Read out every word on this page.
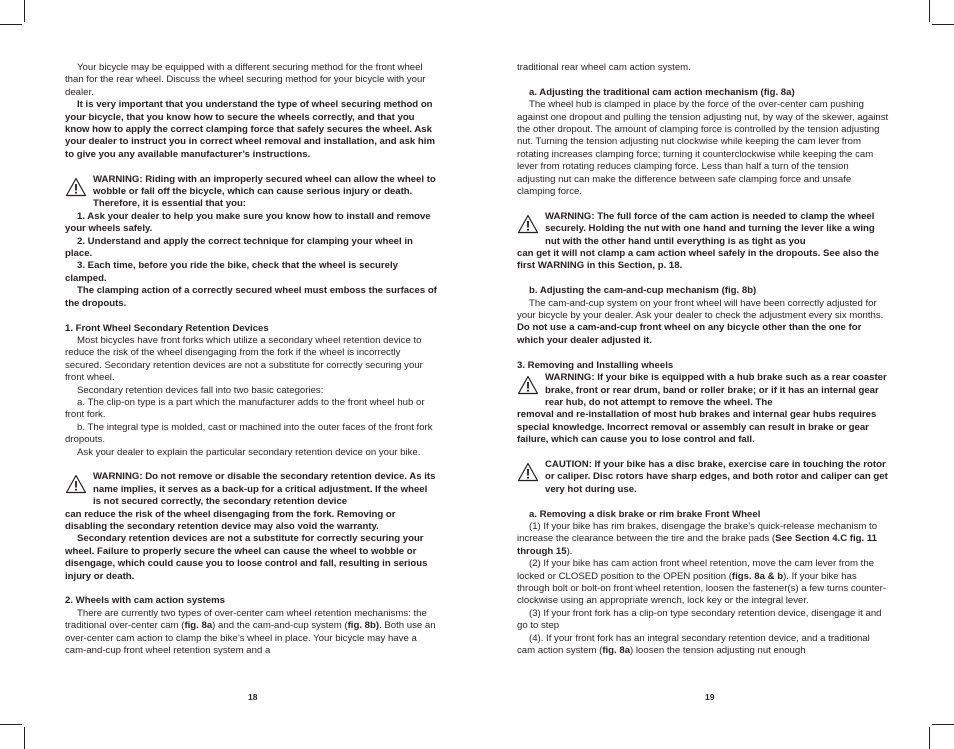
Your bicycle may be equipped with a different securing method for the front wheel than for the rear wheel. Discuss the wheel securing method for your bicycle with your dealer.

It is very important that you understand the type of wheel securing method on your bicycle, that you know how to secure the wheels correctly, and that you know how to apply the correct clamping force that safely secures the wheel. Ask your dealer to instruct you in correct wheel removal and installation, and ask him to give you any available manufacturer’s instructions.

WARNING: Riding with an improperly secured wheel can allow the wheel to wobble or fall off the bicycle, which can cause serious injury or death. Therefore, it is essential that you:

1. Ask your dealer to help you make sure you know how to install and remove your wheels safely.

2. Understand and apply the correct technique for clamping your wheel in place.

3. Each time, before you ride the bike, check that the wheel is securely clamped.

The clamping action of a correctly secured wheel must emboss the surfaces of the dropouts.

1. Front Wheel Secondary Retention Devices

Most bicycles have front forks which utilize a secondary wheel retention device to reduce the risk of the wheel disengaging from the fork if the wheel is incorrectly secured. Secondary retention devices are not a substitute for correctly securing your front wheel.

Secondary retention devices fall into two basic categories:

a. The clip-on type is a part which the manufacturer adds to the front wheel hub or front fork.

b. The integral type is molded, cast or machined into the outer faces of the front fork dropouts.

Ask your dealer to explain the particular secondary retention device on your bike.

WARNING: Do not remove or disable the secondary retention device. As its name implies, it serves as a back-up for a critical adjustment. If the wheel is not secured correctly, the secondary retention device

can reduce the risk of the wheel disengaging from the fork. Removing or disabling the secondary retention device may also void the warranty.

Secondary retention devices are not a substitute for correctly securing your wheel. Failure to properly secure the wheel can cause the wheel to wobble or disengage, which could cause you to loose control and fall, resulting in serious injury or death.

2. Wheels with cam action systems

There are currently two types of over-center cam wheel retention mechanisms: the traditional over-center cam (fig. 8a) and the cam-and-cup system (fig. 8b). Both use an over-center cam action to clamp the bike’s wheel in place. Your bicycle may have a cam-and-cup front wheel retention system and a

traditional rear wheel cam action system.

a. Adjusting the traditional cam action mechanism (fig. 8a)

The wheel hub is clamped in place by the force of the over-center cam pushing against one dropout and pulling the tension adjusting nut, by way of the skewer, against the other dropout. The amount of clamping force is controlled by the tension adjusting nut. Turning the tension adjusting nut clockwise while keeping the cam lever from rotating increases clamping force; turning it counterclockwise while keeping the cam lever from rotating reduces clamping force. Less than half a turn of the tension adjusting nut can make the difference between safe clamping force and unsafe clamping force.

WARNING: The full force of the cam action is needed to clamp the wheel securely. Holding the nut with one hand and turning the lever like a wing nut with the other hand until everything is as tight as you

can get it will not clamp a cam action wheel safely in the dropouts. See also the first WARNING in this Section, p. 18.

b. Adjusting the cam-and-cup mechanism (fig. 8b)

The cam-and-cup system on your front wheel will have been correctly adjusted for your bicycle by your dealer. Ask your dealer to check the adjustment every six months. Do not use a cam-and-cup front wheel on any bicycle other than the one for which your dealer adjusted it.

3. Removing and Installing wheels

WARNING: If your bike is equipped with a hub brake such as a rear coaster brake, front or rear drum, band or roller brake; or if it has an internal gear rear hub, do not attempt to remove the wheel. The

removal and re-installation of most hub brakes and internal gear hubs requires special knowledge. Incorrect removal or assembly can result in brake or gear failure, which can cause you to lose control and fall.

CAUTION: If your bike has a disc brake, exercise care in touching the rotor or caliper. Disc rotors have sharp edges, and both rotor and caliper can get very hot during use.

a. Removing a disk brake or rim brake Front Wheel

(1) If your bike has rim brakes, disengage the brake’s quick-release mechanism to increase the clearance between the tire and the brake pads (See Section 4.C fig. 11 through 15).

(2) If your bike has cam action front wheel retention, move the cam lever from the locked or CLOSED position to the OPEN position (figs. 8a & b). If your bike has through bolt or bolt-on front wheel retention, loosen the fastener(s) a few turns counter-clockwise using an appropriate wrench, lock key or the integral lever.

(3) If your front fork has a clip-on type secondary retention device, disengage it and go to step

(4). If your front fork has an integral secondary retention device, and a traditional cam action system (fig. 8a) loosen the tension adjusting nut enough

18	19
